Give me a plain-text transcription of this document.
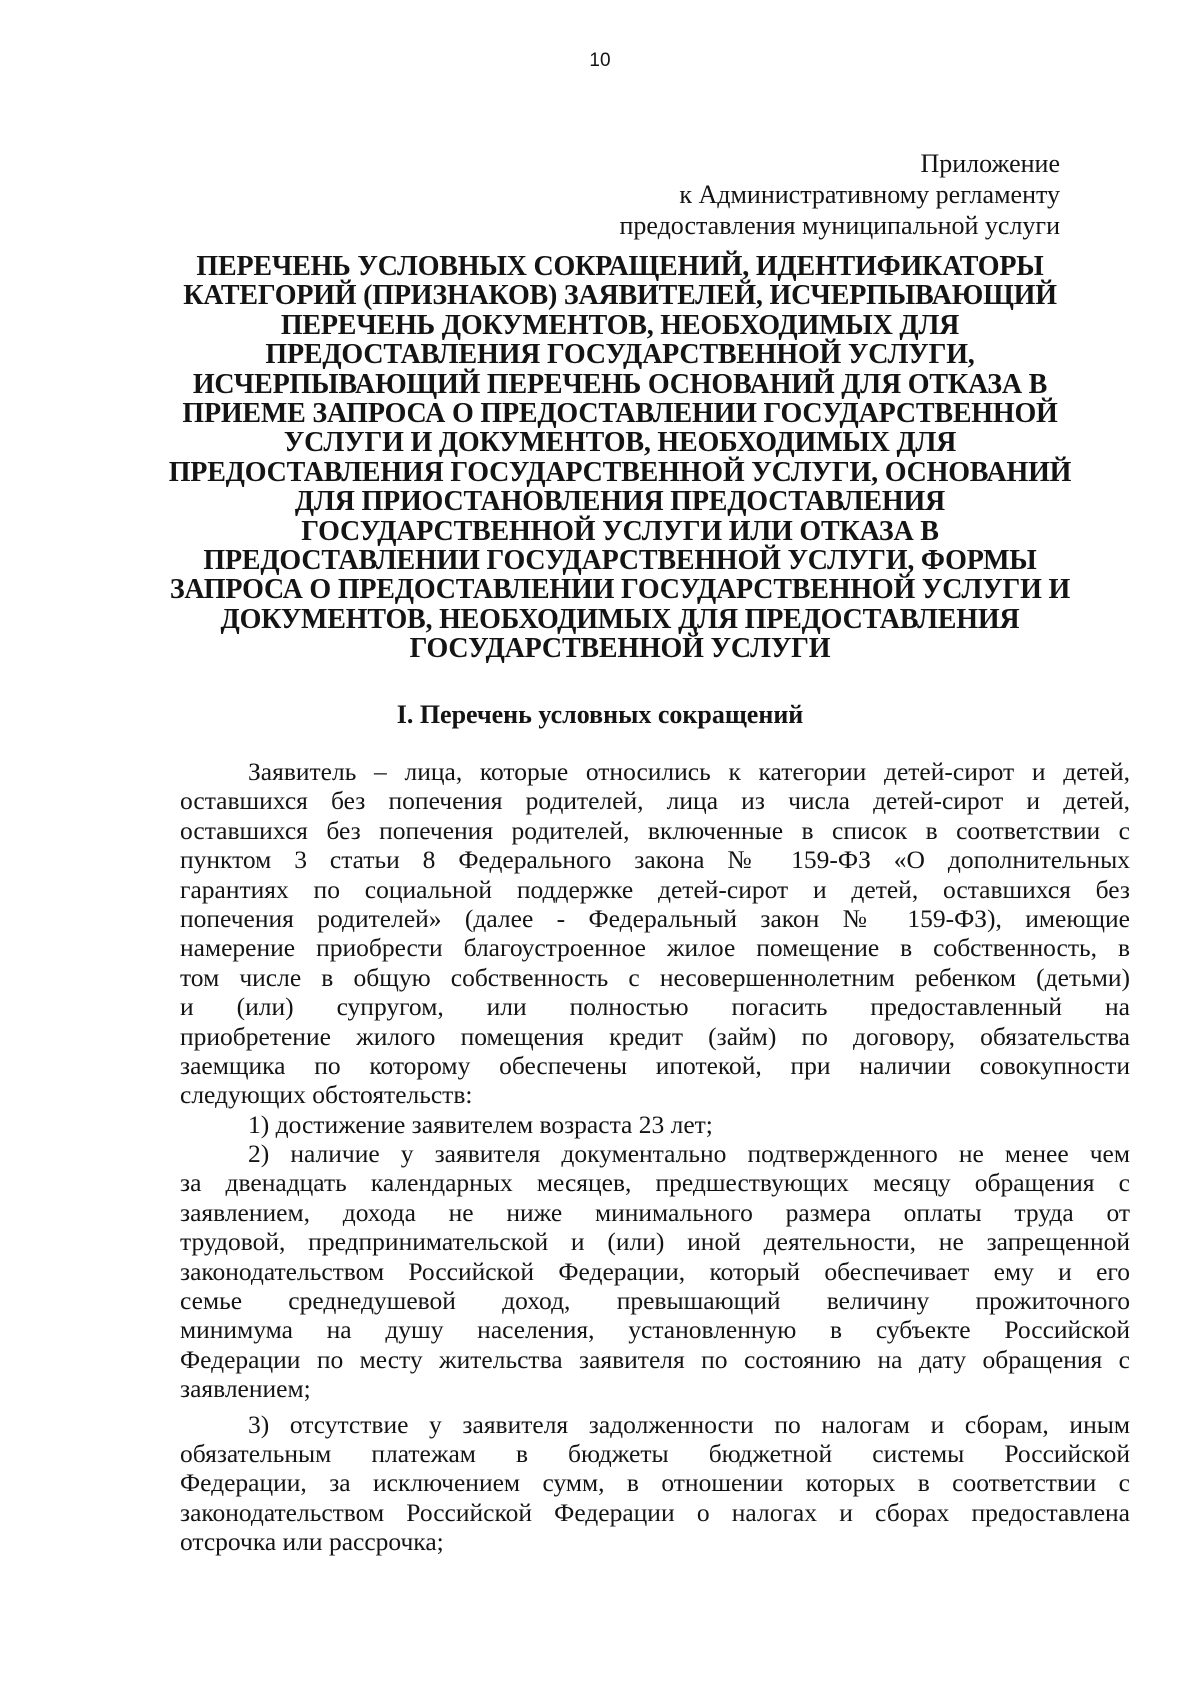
10
Приложение
к Административному регламенту
предоставления муниципальной услуги
ПЕРЕЧЕНЬ УСЛОВНЫХ СОКРАЩЕНИЙ, ИДЕНТИФИКАТОРЫ
КАТЕГОРИЙ (ПРИЗНАКОВ) ЗАЯВИТЕЛЕЙ, ИСЧЕРПЫВАЮЩИЙ
ПЕРЕЧЕНЬ ДОКУМЕНТОВ, НЕОБХОДИМЫХ ДЛЯ
ПРЕДОСТАВЛЕНИЯ ГОСУДАРСТВЕННОЙ УСЛУГИ,
ИСЧЕРПЫВАЮЩИЙ ПЕРЕЧЕНЬ ОСНОВАНИЙ ДЛЯ ОТКАЗА В
ПРИЕМЕ ЗАПРОСА О ПРЕДОСТАВЛЕНИИ ГОСУДАРСТВЕННОЙ
УСЛУГИ И ДОКУМЕНТОВ, НЕОБХОДИМЫХ ДЛЯ
ПРЕДОСТАВЛЕНИЯ ГОСУДАРСТВЕННОЙ УСЛУГИ, ОСНОВАНИЙ
ДЛЯ ПРИОСТАНОВЛЕНИЯ ПРЕДОСТАВЛЕНИЯ
ГОСУДАРСТВЕННОЙ УСЛУГИ ИЛИ ОТКАЗА В
ПРЕДОСТАВЛЕНИИ ГОСУДАРСТВЕННОЙ УСЛУГИ, ФОРМЫ
ЗАПРОСА О ПРЕДОСТАВЛЕНИИ ГОСУДАРСТВЕННОЙ УСЛУГИ И
ДОКУМЕНТОВ, НЕОБХОДИМЫХ ДЛЯ ПРЕДОСТАВЛЕНИЯ
ГОСУДАРСТВЕННОЙ УСЛУГИ
I. Перечень условных сокращений
Заявитель – лица, которые относились к категории детей-сирот и детей,
оставшихся без попечения родителей, лица из числа детей-сирот и детей,
оставшихся без попечения родителей, включенные в список в соответствии с
пунктом 3 статьи 8 Федерального закона № 159-ФЗ «О дополнительных
гарантиях по социальной поддержке детей-сирот и детей, оставшихся без
попечения родителей» (далее - Федеральный закон № 159-ФЗ), имеющие
намерение приобрести благоустроенное жилое помещение в собственность, в
том числе в общую собственность с несовершеннолетним ребенком (детьми)
и (или) супругом, или полностью погасить предоставленный на
приобретение жилого помещения кредит (займ) по договору, обязательства
заемщика по которому обеспечены ипотекой, при наличии совокупности
следующих обстоятельств:
1) достижение заявителем возраста 23 лет;
2) наличие у заявителя документально подтвержденного не менее чем
за двенадцать календарных месяцев, предшествующих месяцу обращения с
заявлением, дохода не ниже минимального размера оплаты труда от
трудовой, предпринимательской и (или) иной деятельности, не запрещенной
законодательством Российской Федерации, который обеспечивает ему и его
семье среднедушевой доход, превышающий величину прожиточного
минимума на душу населения, установленную в субъекте Российской
Федерации по месту жительства заявителя по состоянию на дату обращения с
заявлением;
3) отсутствие у заявителя задолженности по налогам и сборам, иным
обязательным платежам в бюджеты бюджетной системы Российской
Федерации, за исключением сумм, в отношении которых в соответствии с
законодательством Российской Федерации о налогах и сборах предоставлена
отсрочка или рассрочка;
